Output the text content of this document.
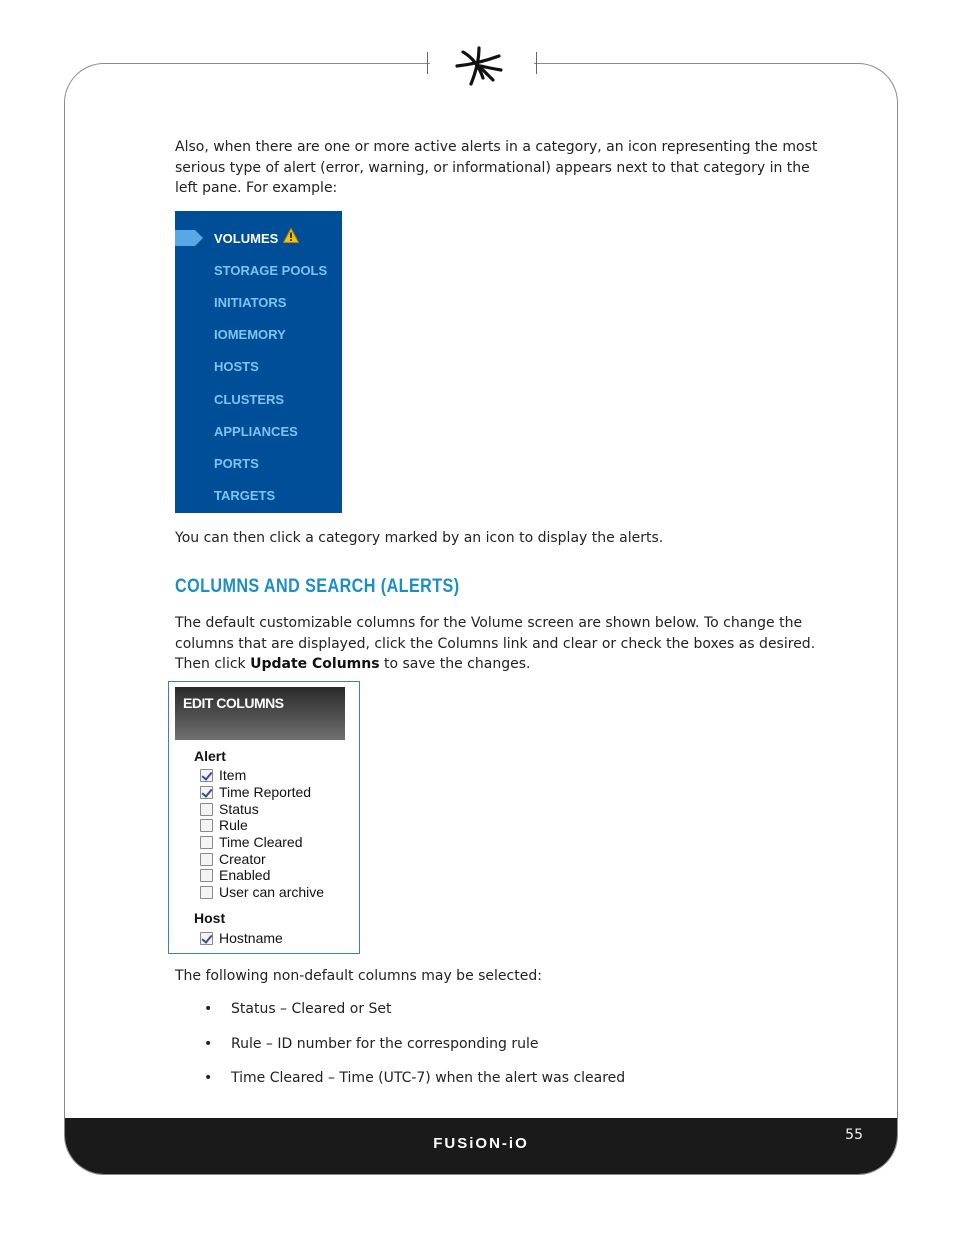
FUSiON-iO	55

Also, when there are one or more active alerts in a category, an icon representing the most serious type of alert (error, warning, or informational) appears next to that category in the left pane. For example:

VOLUMES
STORAGE POOLS
INITIATORS
IOMEMORY
HOSTS
CLUSTERS
APPLIANCES
PORTS
TARGETS

You can then click a category marked by an icon to display the alerts.

COLUMNS AND SEARCH (ALERTS)

The default customizable columns for the Volume screen are shown below. To change the columns that are displayed, click the Columns link and clear or check the boxes as desired. Then click Update Columns to save the changes.

EDIT COLUMNS
Alert
Item
Time Reported
Status
Rule
Time Cleared
Creator
Enabled
User can archive
Host
Hostname

The following non-default columns may be selected:

• Status – Cleared or Set
• Rule – ID number for the corresponding rule
• Time Cleared – Time (UTC-7) when the alert was cleared
